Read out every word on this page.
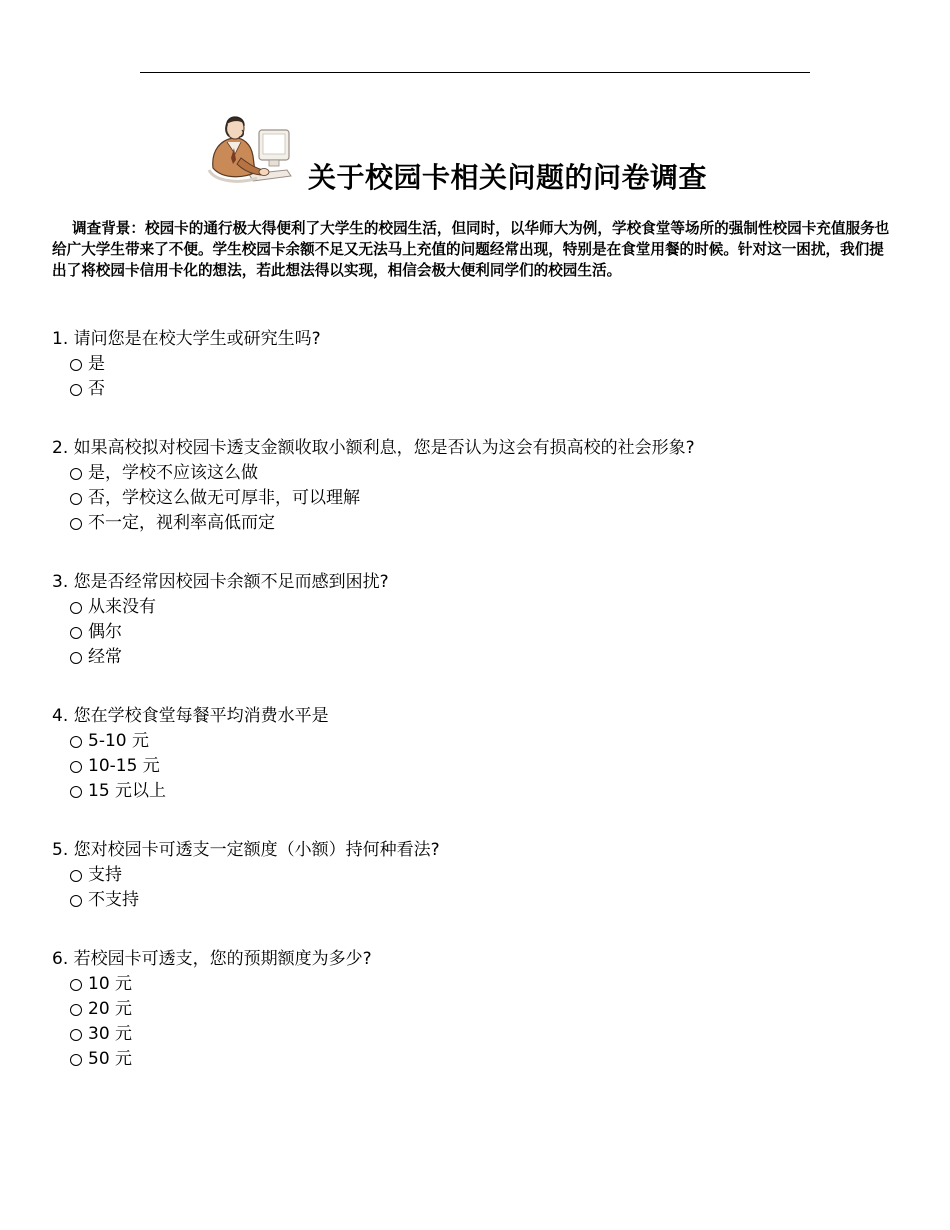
关于校园卡相关问题的问卷调查

调查背景：校园卡的通行极大得便利了大学生的校园生活，但同时，以华师大为例，学校食堂等场所的强制性校园卡充值服务也给广大学生带来了不便。学生校园卡余额不足又无法马上充值的问题经常出现，特别是在食堂用餐的时候。针对这一困扰，我们提出了将校园卡信用卡化的想法，若此想法得以实现，相信会极大便利同学们的校园生活。

1. 请问您是在校大学生或研究生吗?

是
否

2. 如果高校拟对校园卡透支金额收取小额利息，您是否认为这会有损高校的社会形象?

是，学校不应该这么做
否，学校这么做无可厚非，可以理解
不一定，视利率高低而定

3. 您是否经常因校园卡余额不足而感到困扰?

从来没有
偶尔
经常

4. 您在学校食堂每餐平均消费水平是

5-10 元
10-15 元
15 元以上

5. 您对校园卡可透支一定额度（小额）持何种看法?

支持
不支持

6. 若校园卡可透支，您的预期额度为多少?

10 元
20 元
30 元
50 元
